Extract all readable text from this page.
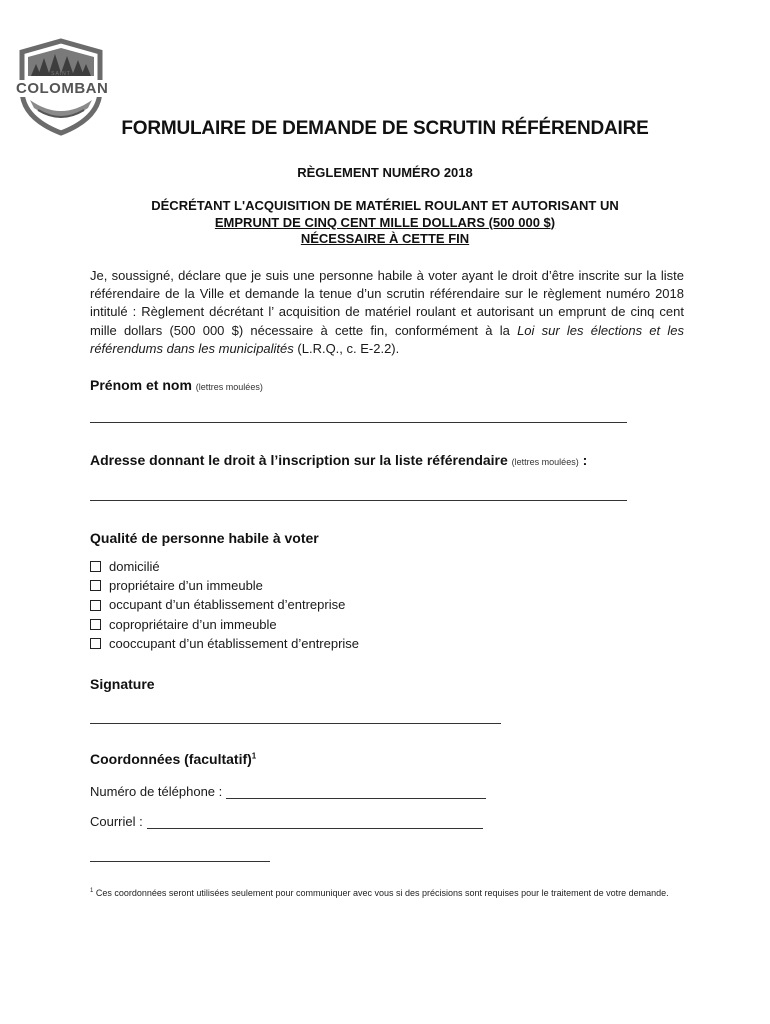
SAINT
COLOMBAN
FORMULAIRE DE DEMANDE DE SCRUTIN RÉFÉRENDAIRE
RÈGLEMENT NUMÉRO 2018
DÉCRÉTANT L'ACQUISITION DE MATÉRIEL ROULANT ET AUTORISANT UN
EMPRUNT DE CINQ CENT MILLE DOLLARS (500 000 $)
NÉCESSAIRE À CETTE FIN
Je, soussigné, déclare que je suis une personne habile à voter ayant le droit d’être inscrite sur la liste référendaire de la Ville et demande la tenue d’un scrutin référendaire sur le règlement numéro 2018 intitulé : Règlement décrétant l’ acquisition de matériel roulant et autorisant un emprunt de cinq cent mille dollars (500 000 $) nécessaire à cette fin, conformément à la Loi sur les élections et les référendums dans les municipalités (L.R.Q., c. E-2.2).
Prénom et nom (lettres moulées)
Adresse donnant le droit à l’inscription sur la liste référendaire (lettres moulées) :
Qualité de personne habile à voter
domicilié
propriétaire d’un immeuble
occupant d’un établissement d’entreprise
copropriétaire d’un immeuble
cooccupant d’un établissement d’entreprise
Signature
Coordonnées (facultatif)$^1$
Numéro de téléphone :
Courriel :
$^1$ Ces coordonnées seront utilisées seulement pour communiquer avec vous si des précisions sont requises pour le traitement de votre demande.
